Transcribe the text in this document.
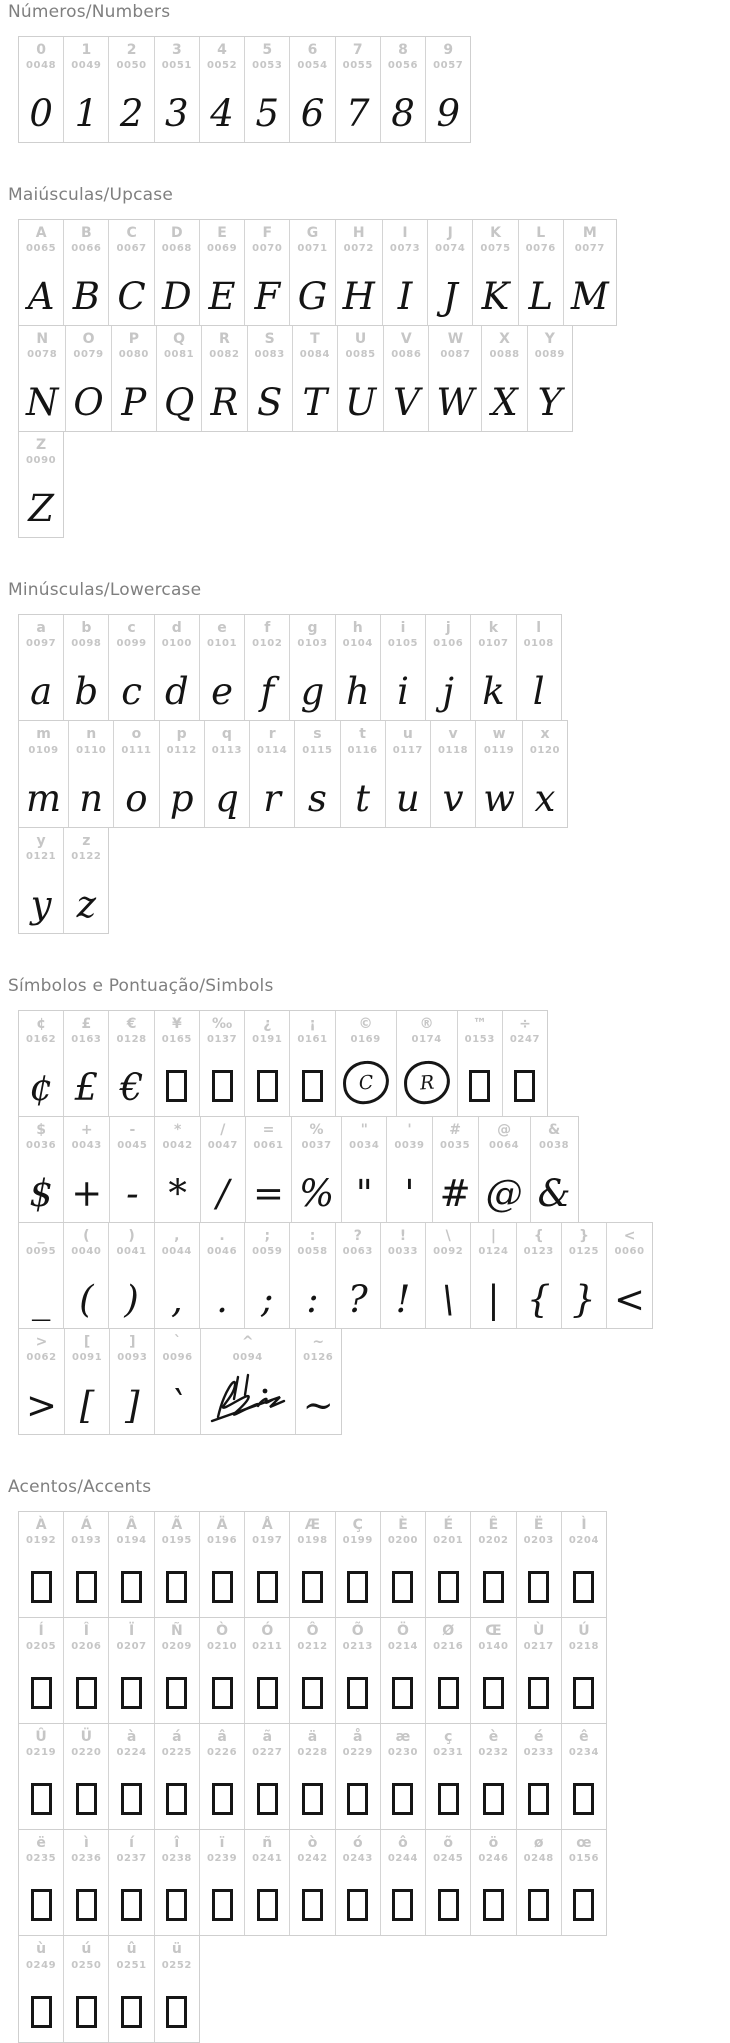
Números/Numbers
0
0048
0
1
0049
1
2
0050
2
3
0051
3
4
0052
4
5
0053
5
6
0054
6
7
0055
7
8
0056
8
9
0057
9
Maiúsculas/Upcase
A
0065
A
B
0066
B
C
0067
C
D
0068
D
E
0069
E
F
0070
F
G
0071
G
H
0072
H
I
0073
I
J
0074
J
K
0075
K
L
0076
L
M
0077
M
N
0078
N
O
0079
O
P
0080
P
Q
0081
Q
R
0082
R
S
0083
S
T
0084
T
U
0085
U
V
0086
V
W
0087
W
X
0088
X
Y
0089
Y
Z
0090
Z
Minúsculas/Lowercase
a
0097
a
b
0098
b
c
0099
c
d
0100
d
e
0101
e
f
0102
f
g
0103
g
h
0104
h
i
0105
i
j
0106
j
k
0107
k
l
0108
l
m
0109
m
n
0110
n
o
0111
o
p
0112
p
q
0113
q
r
0114
r
s
0115
s
t
0116
t
u
0117
u
v
0118
v
w
0119
w
x
0120
x
y
0121
y
z
0122
z
Símbolos e Pontuação/Simbols
¢
0162
¢
£
0163
£
€
0128
€
¥
0165
‰
0137
¿
0191
¡
0161
©
0169
C
®
0174
R
™
0153
÷
0247
$
0036
$
+
0043
+
-
0045
-
*
0042
*
/
0047
/
=
0061
=
%
0037
%
"
0034
"
'
0039
'
#
0035
#
@
0064
@
&
0038
&
_
0095
_
(
0040
(
)
0041
)
,
0044
,
.
0046
.
;
0059
;
:
0058
:
?
0063
?
!
0033
!
\
0092
\
|
0124
|
{
0123
{
}
0125
}
<
0060
<
>
0062
>
[
0091
[
]
0093
]
`
0096
`
^
0094
~
0126
~
Acentos/Accents
À
0192
Á
0193
Â
0194
Ã
0195
Ä
0196
Å
0197
Æ
0198
Ç
0199
È
0200
É
0201
Ê
0202
Ë
0203
Ì
0204
Í
0205
Î
0206
Ï
0207
Ñ
0209
Ò
0210
Ó
0211
Ô
0212
Õ
0213
Ö
0214
Ø
0216
Œ
0140
Ù
0217
Ú
0218
Û
0219
Ü
0220
à
0224
á
0225
â
0226
ã
0227
ä
0228
å
0229
æ
0230
ç
0231
è
0232
é
0233
ê
0234
ë
0235
ì
0236
í
0237
î
0238
ï
0239
ñ
0241
ò
0242
ó
0243
ô
0244
õ
0245
ö
0246
ø
0248
œ
0156
ù
0249
ú
0250
û
0251
ü
0252
